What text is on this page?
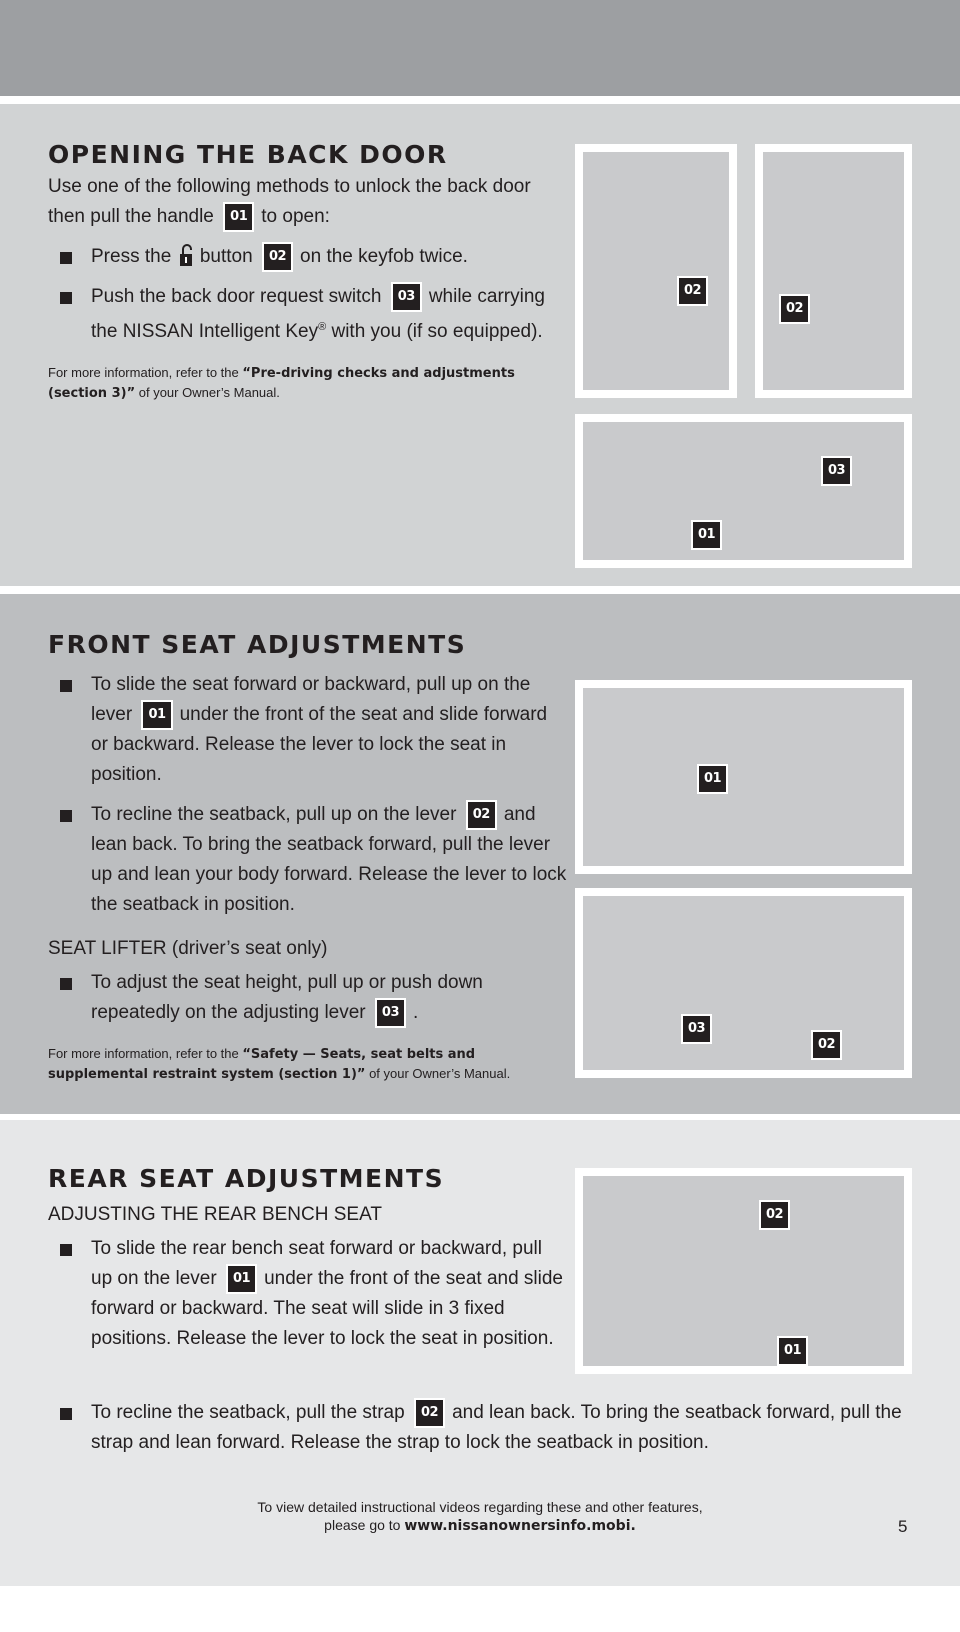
OPENING THE BACK DOOR

Use one of the following methods to unlock the back door then pull the handle 01 to open:

Press the button 02 on the keyfob twice.
Push the back door request switch 03 while carrying the NISSAN Intelligent Key® with you (if so equipped).
For more information, refer to the “Pre-driving checks and adjustments (section 3)” of your Owner’s Manual.
02
02
03
01
FRONT SEAT ADJUSTMENTS
To slide the seat forward or backward, pull up on the lever 01 under the front of the seat and slide forward or backward. Release the lever to lock the seat in position.
To recline the seatback, pull up on the lever 02 and lean back. To bring the seatback forward, pull the lever up and lean your body forward. Release the lever to lock the seatback in position.
SEAT LIFTER (driver’s seat only)
To adjust the seat height, pull up or push down repeatedly on the adjusting lever 03 .
For more information, refer to the “Safety — Seats, seat belts and supplemental restraint system (section 1)” of your Owner’s Manual.
01
03
02
REAR SEAT ADJUSTMENTS
ADJUSTING THE REAR BENCH SEAT
To slide the rear bench seat forward or backward, pull up on the lever 01 under the front of the seat and slide forward or backward. The seat will slide in 3 fixed positions. Release the lever to lock the seat in position.
To recline the seatback, pull the strap 02 and lean back. To bring the seatback forward, pull the strap and lean forward. Release the strap to lock the seatback in position.
02
01
To view detailed instructional videos regarding these and other features,
please go to www.nissanownersinfo.mobi.	5
